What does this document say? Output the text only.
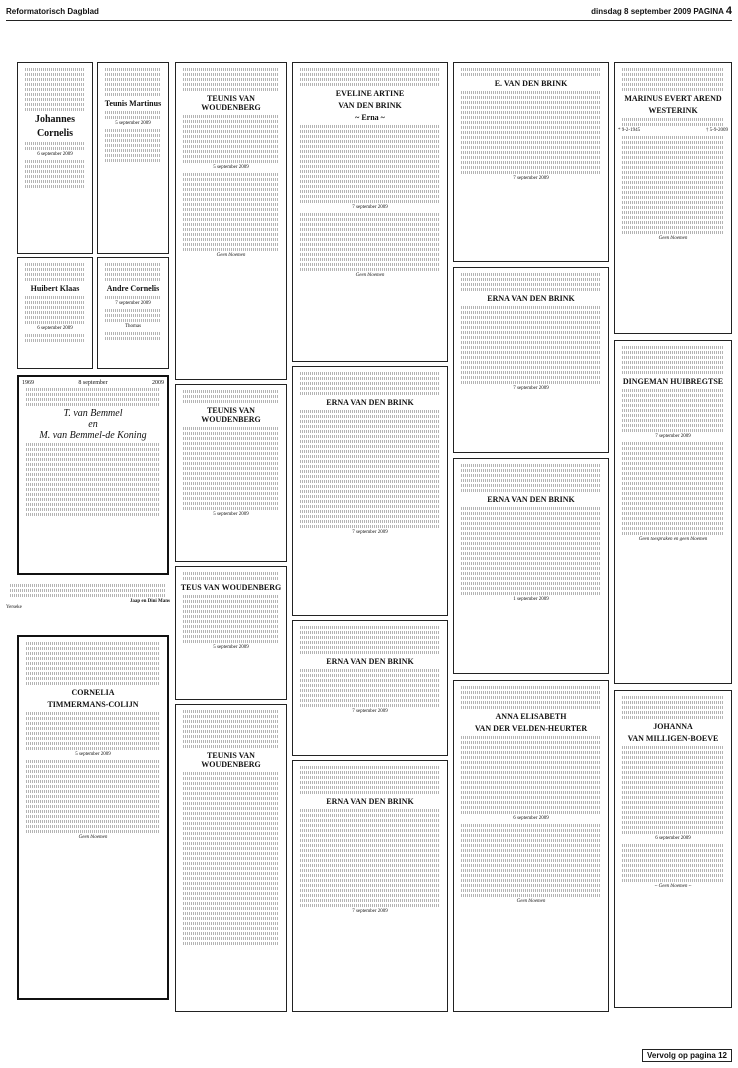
Reformatorisch Dagblad	dinsdag 8 september 2009 PAGINA 4
Johannes
Cornelis
6 september 2009
Teunis Martinus
5 september 2009
Huibert Klaas
6 september 2009
Andre Cornelis
7 september 2009
Thomas
1969	8 september	2009
T. van Bemmel
en
M. van Bemmel-de Koning
Jaap en Dini Mans
Yerseke
CORNELIA
TIMMERMANS-COLIJN
5 september 2009
Geen bloemen
TEUNIS VAN WOUDENBERG
5 september 2009
Geen bloemen
TEUNIS VAN WOUDENBERG
5 september 2009
TEUS VAN WOUDENBERG
5 september 2009
TEUNIS VAN WOUDENBERG
EVELINE ARTINE
VAN DEN BRINK
~ Erna ~
7 september 2009
Geen bloemen
ERNA VAN DEN BRINK
7 september 2009
ERNA VAN DEN BRINK
7 september 2009
ERNA VAN DEN BRINK
7 september 2009
E. VAN DEN BRINK
7 september 2009
ERNA VAN DEN BRINK
7 september 2009
ERNA VAN DEN BRINK
1 september 2009
ANNA ELISABETH
VAN DER VELDEN-HEURTER
6 september 2009
Geen bloemen
MARINUS EVERT AREND
WESTERINK
* 9-2-1945	† 5-9-2009
Geen bloemen
DINGEMAN HUIBREGTSE
7 september 2009
Geen toespraken en geen bloemen
JOHANNA
VAN MILLIGEN-BOEVE
6 september 2009
~ Geen bloemen ~
Vervolg op pagina 12
